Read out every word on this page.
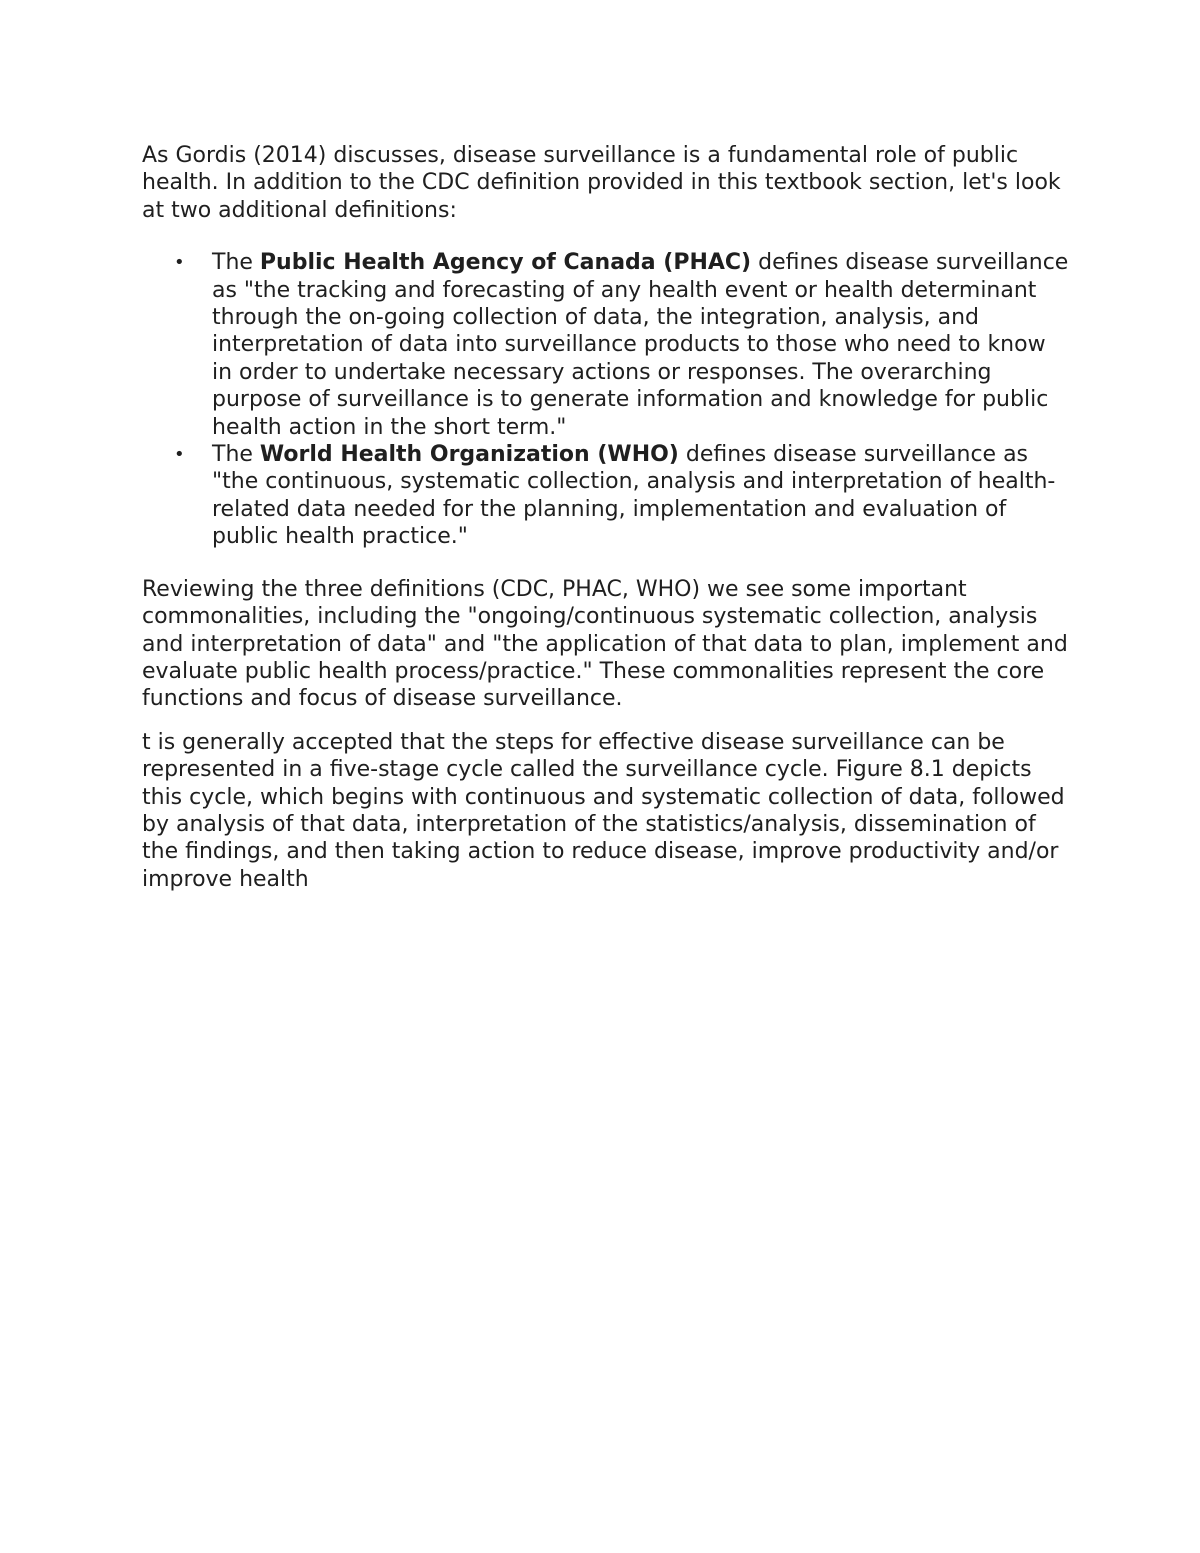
As Gordis (2014) discusses, disease surveillance is a fundamental role of public health. In addition to the CDC definition provided in this textbook section, let's look at two additional definitions:

• The Public Health Agency of Canada (PHAC) defines disease surveillance as "the tracking and forecasting of any health event or health determinant through the on-going collection of data, the integration, analysis, and interpretation of data into surveillance products to those who need to know in order to undertake necessary actions or responses. The overarching purpose of surveillance is to generate information and knowledge for public health action in the short term."
• The World Health Organization (WHO) defines disease surveillance as "the continuous, systematic collection, analysis and interpretation of health-related data needed for the planning, implementation and evaluation of public health practice."

Reviewing the three definitions (CDC, PHAC, WHO) we see some important commonalities, including the "ongoing/continuous systematic collection, analysis and interpretation of data" and "the application of that data to plan, implement and evaluate public health process/practice." These commonalities represent the core functions and focus of disease surveillance.

t is generally accepted that the steps for effective disease surveillance can be represented in a five-stage cycle called the surveillance cycle. Figure 8.1 depicts this cycle, which begins with continuous and systematic collection of data, followed by analysis of that data, interpretation of the statistics/analysis, dissemination of the findings, and then taking action to reduce disease, improve productivity and/or improve health
